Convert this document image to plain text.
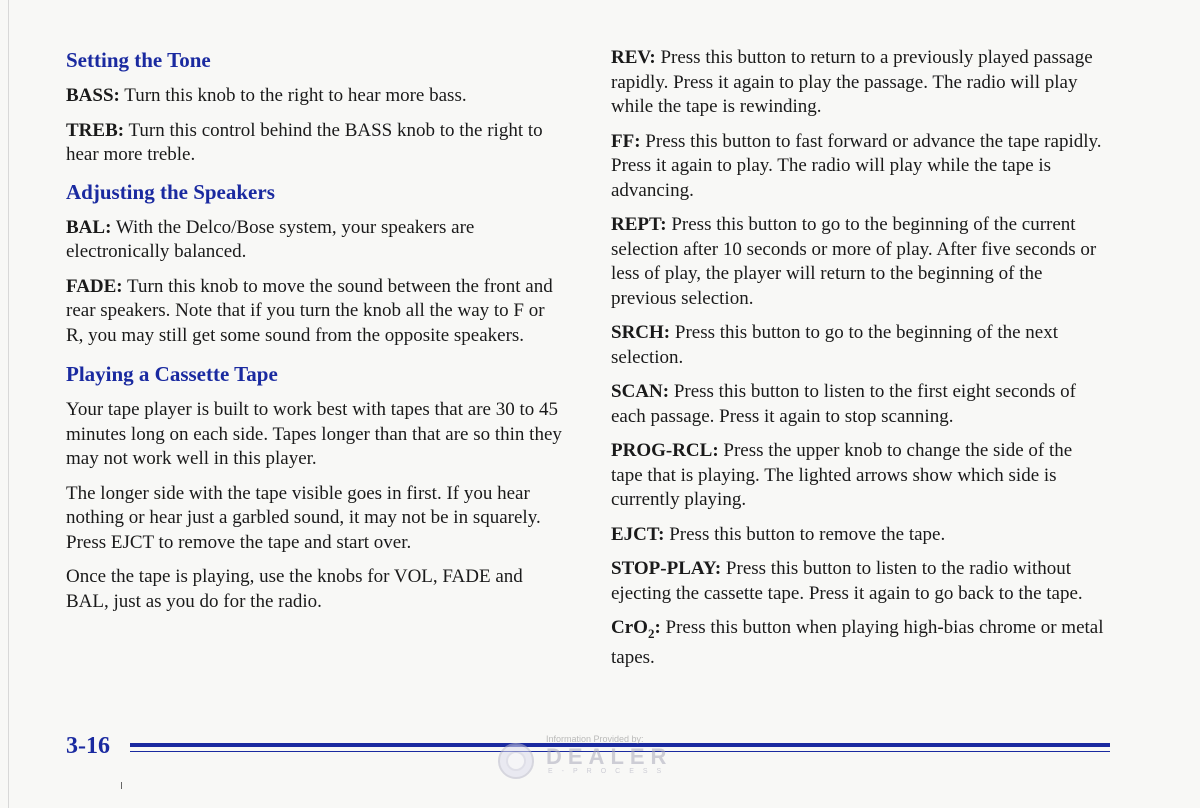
Setting the Tone

BASS: Turn this knob to the right to hear more bass.

TREB: Turn this control behind the BASS knob to the right to hear more treble.

Adjusting the Speakers

BAL: With the Delco/Bose system, your speakers are electronically balanced.

FADE: Turn this knob to move the sound between the front and rear speakers. Note that if you turn the knob all the way to F or R, you may still get some sound from the opposite speakers.

Playing a Cassette Tape

Your tape player is built to work best with tapes that are 30 to 45 minutes long on each side. Tapes longer than that are so thin they may not work well in this player.

The longer side with the tape visible goes in first. If you hear nothing or hear just a garbled sound, it may not be in squarely. Press EJCT to remove the tape and start over.

Once the tape is playing, use the knobs for VOL, FADE and BAL, just as you do for the radio.

REV: Press this button to return to a previously played passage rapidly. Press it again to play the passage. The radio will play while the tape is rewinding.

FF: Press this button to fast forward or advance the tape rapidly. Press it again to play. The radio will play while the tape is advancing.

REPT: Press this button to go to the beginning of the current selection after 10 seconds or more of play. After five seconds or less of play, the player will return to the beginning of the previous selection.

SRCH: Press this button to go to the beginning of the next selection.

SCAN: Press this button to listen to the first eight seconds of each passage. Press it again to stop scanning.

PROG-RCL: Press the upper knob to change the side of the tape that is playing. The lighted arrows show which side is currently playing.

EJCT: Press this button to remove the tape.

STOP-PLAY: Press this button to listen to the radio without ejecting the cassette tape. Press it again to go back to the tape.

CrO$_2$: Press this button when playing high-bias chrome or metal tapes.

3-16	Information Provided by:
DEALER
E-PROCESS
